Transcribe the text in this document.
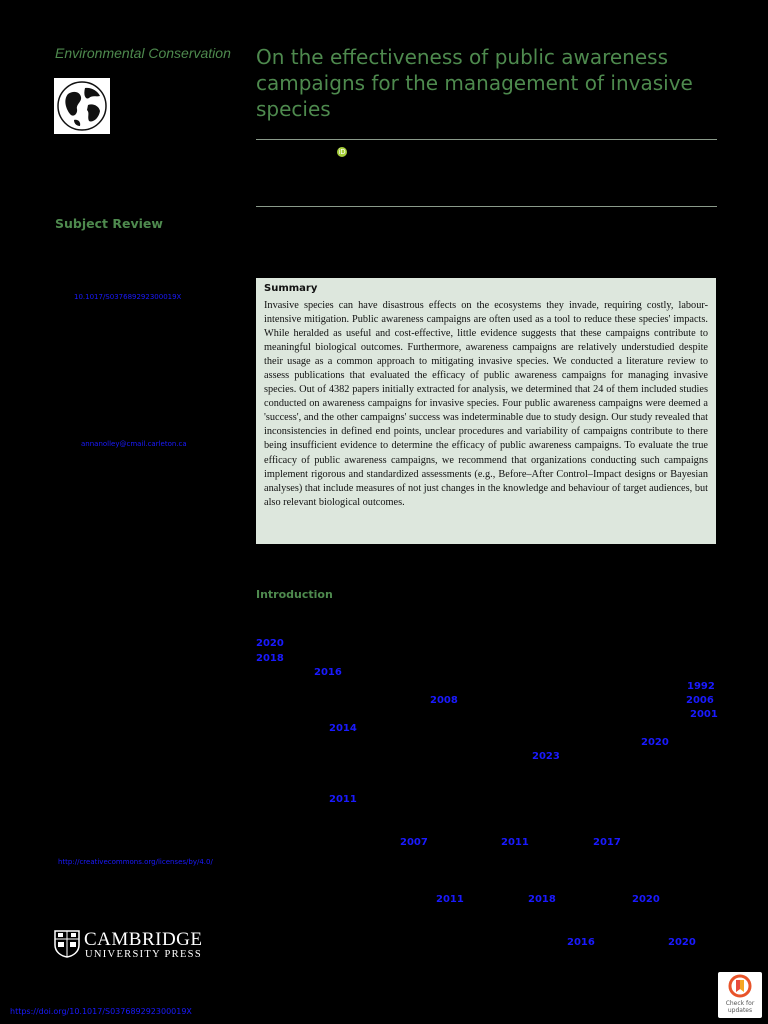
Environmental Conservation On the effectiveness of public awareness campaigns for the management of invasive species
iD
Subject Review
10.1017/S037689292300019X
annanolley@cmail.carleton.ca
http://creativecommons.org/licenses/by/4.0/
Summary

Invasive species can have disastrous effects on the ecosystems they invade, requiring costly, labour-intensive mitigation. Public awareness campaigns are often used as a tool to reduce these species' impacts. While heralded as useful and cost-effective, little evidence suggests that these campaigns contribute to meaningful biological outcomes. Furthermore, awareness campaigns are relatively understudied despite their usage as a common approach to mitigating invasive species. We conducted a literature review to assess publications that evaluated the efficacy of public awareness campaigns for managing invasive species. Out of 4382 papers initially extracted for analysis, we determined that 24 of them included studies conducted on awareness campaigns for invasive species. Four public awareness campaigns were deemed a 'success', and the other campaigns' success was indeterminable due to study design. Our study revealed that inconsistencies in defined end points, unclear procedures and variability of campaigns contribute to there being insufficient evidence to determine the efficacy of public awareness campaigns. To evaluate the true efficacy of public awareness campaigns, we recommend that organizations conducting such campaigns implement rigorous and standardized assessments (e.g., Before–After Control–Impact designs or Bayesian analyses) that include measures of not just changes in the knowledge and behaviour of target audiences, but also relevant biological outcomes.

Introduction
2020
2018
2016
1992
2008	2006
2001
2014
2020
2023
2011
2007	2011	2017
2011	2018	2020
2016	2020
CAMBRIDGE
UNIVERSITY PRESS
https://doi.org/10.1017/S037689292300019X
Check for
updates
